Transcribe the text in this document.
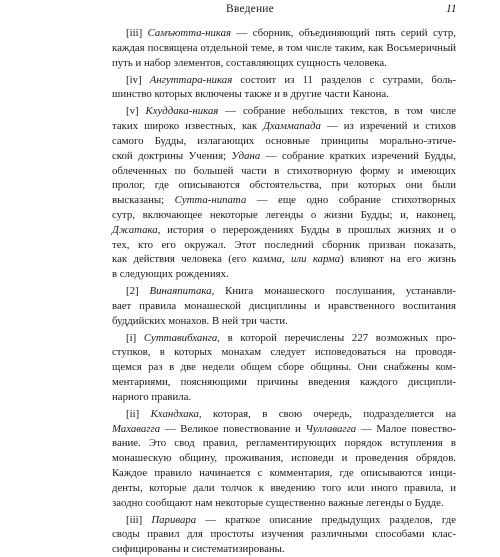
Введение	11
[iii] Самъютта-никая — сборник, объединяющий пять серий сутр,
каждая посвящена отдельной теме, в том числе таким, как Восьмеричный
путь и набор элементов, составляющих сущность человека.
[iv] Ангуттара-никая состоит из 11 разделов с сутрами, боль-
шинство которых включены также и в другие части Канона.
[v] Кхуддака-никая — собрание небольших текстов, в том числе
таких широко известных, как Дхаммапада — из изречений и стихов
самого Будды, излагающих основные принципы морально-этиче-
ской доктрины Учения; Удана — собрание кратких изречений Будды,
облеченных по большей части в стихотворную форму и имеющих
пролог, где описываются обстоятельства, при которых они были
высказаны; Сутта-нипата — еще одно собрание стихотворных
сутр, включающее некоторые легенды о жизни Будды; и, наконец,
Джатака, история о перерождениях Будды в прошлых жизнях и о
тех, кто его окружал. Этот последний сборник призван показать,
как действия человека (его камма, или карма) влияют на его жизнь
в следующих рождениях.
[2] Винаяпитака, Книга монашеского послушания, устанавли-
вает правила монашеской дисциплины и нравственного воспитания
буддийских монахов. В ней три части.
[i] Суттавибханга, в которой перечислены 227 возможных про-
ступков, в которых монахам следует исповедоваться на проводя-
щемся раз в две недели общем сборе общины. Они снабжены ком-
ментариями, поясняющими причины введения каждого дисципли-
нарного правила.
[ii] Кхандхака, которая, в свою очередь, подразделяется на
Махавагга — Великое повествование и Чуллавагга — Малое повество-
вание. Это свод правил, регламентирующих порядок вступления в
монашескую общину, проживания, исповеди и проведения обрядов.
Каждое правило начинается с комментария, где описываются инци-
денты, которые дали толчок к введению того или иного правила, и
заодно сообщают нам некоторые существенно важные легенды о Будде.
[iii] Паривара — краткое описание предыдущих разделов, где
своды правил для простоты изучения различными способами клас-
сифицированы и систематизированы.
